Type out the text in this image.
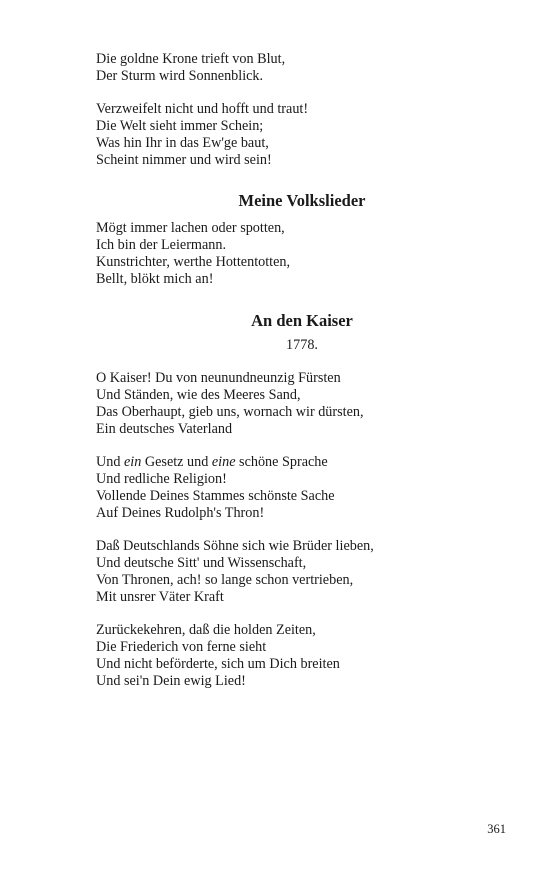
Die goldne Krone trieft von Blut,
Der Sturm wird Sonnenblick.
Verzweifelt nicht und hofft und traut!
Die Welt sieht immer Schein;
Was hin Ihr in das Ew'ge baut,
Scheint nimmer und wird sein!
Meine Volkslieder
Mögt immer lachen oder spotten,
Ich bin der Leiermann.
Kunstrichter, werthe Hottentotten,
Bellt, blökt mich an!
An den Kaiser
1778.
O Kaiser! Du von neunundneunzig Fürsten
Und Ständen, wie des Meeres Sand,
Das Oberhaupt, gieb uns, wornach wir dürsten,
Ein deutsches Vaterland
Und ein Gesetz und eine schöne Sprache
Und redliche Religion!
Vollende Deines Stammes schönste Sache
Auf Deines Rudolph's Thron!
Daß Deutschlands Söhne sich wie Brüder lieben,
Und deutsche Sitt' und Wissenschaft,
Von Thronen, ach! so lange schon vertrieben,
Mit unsrer Väter Kraft
Zurückekehren, daß die holden Zeiten,
Die Friederich von ferne sieht
Und nicht beförderte, sich um Dich breiten
Und sei'n Dein ewig Lied!
361
